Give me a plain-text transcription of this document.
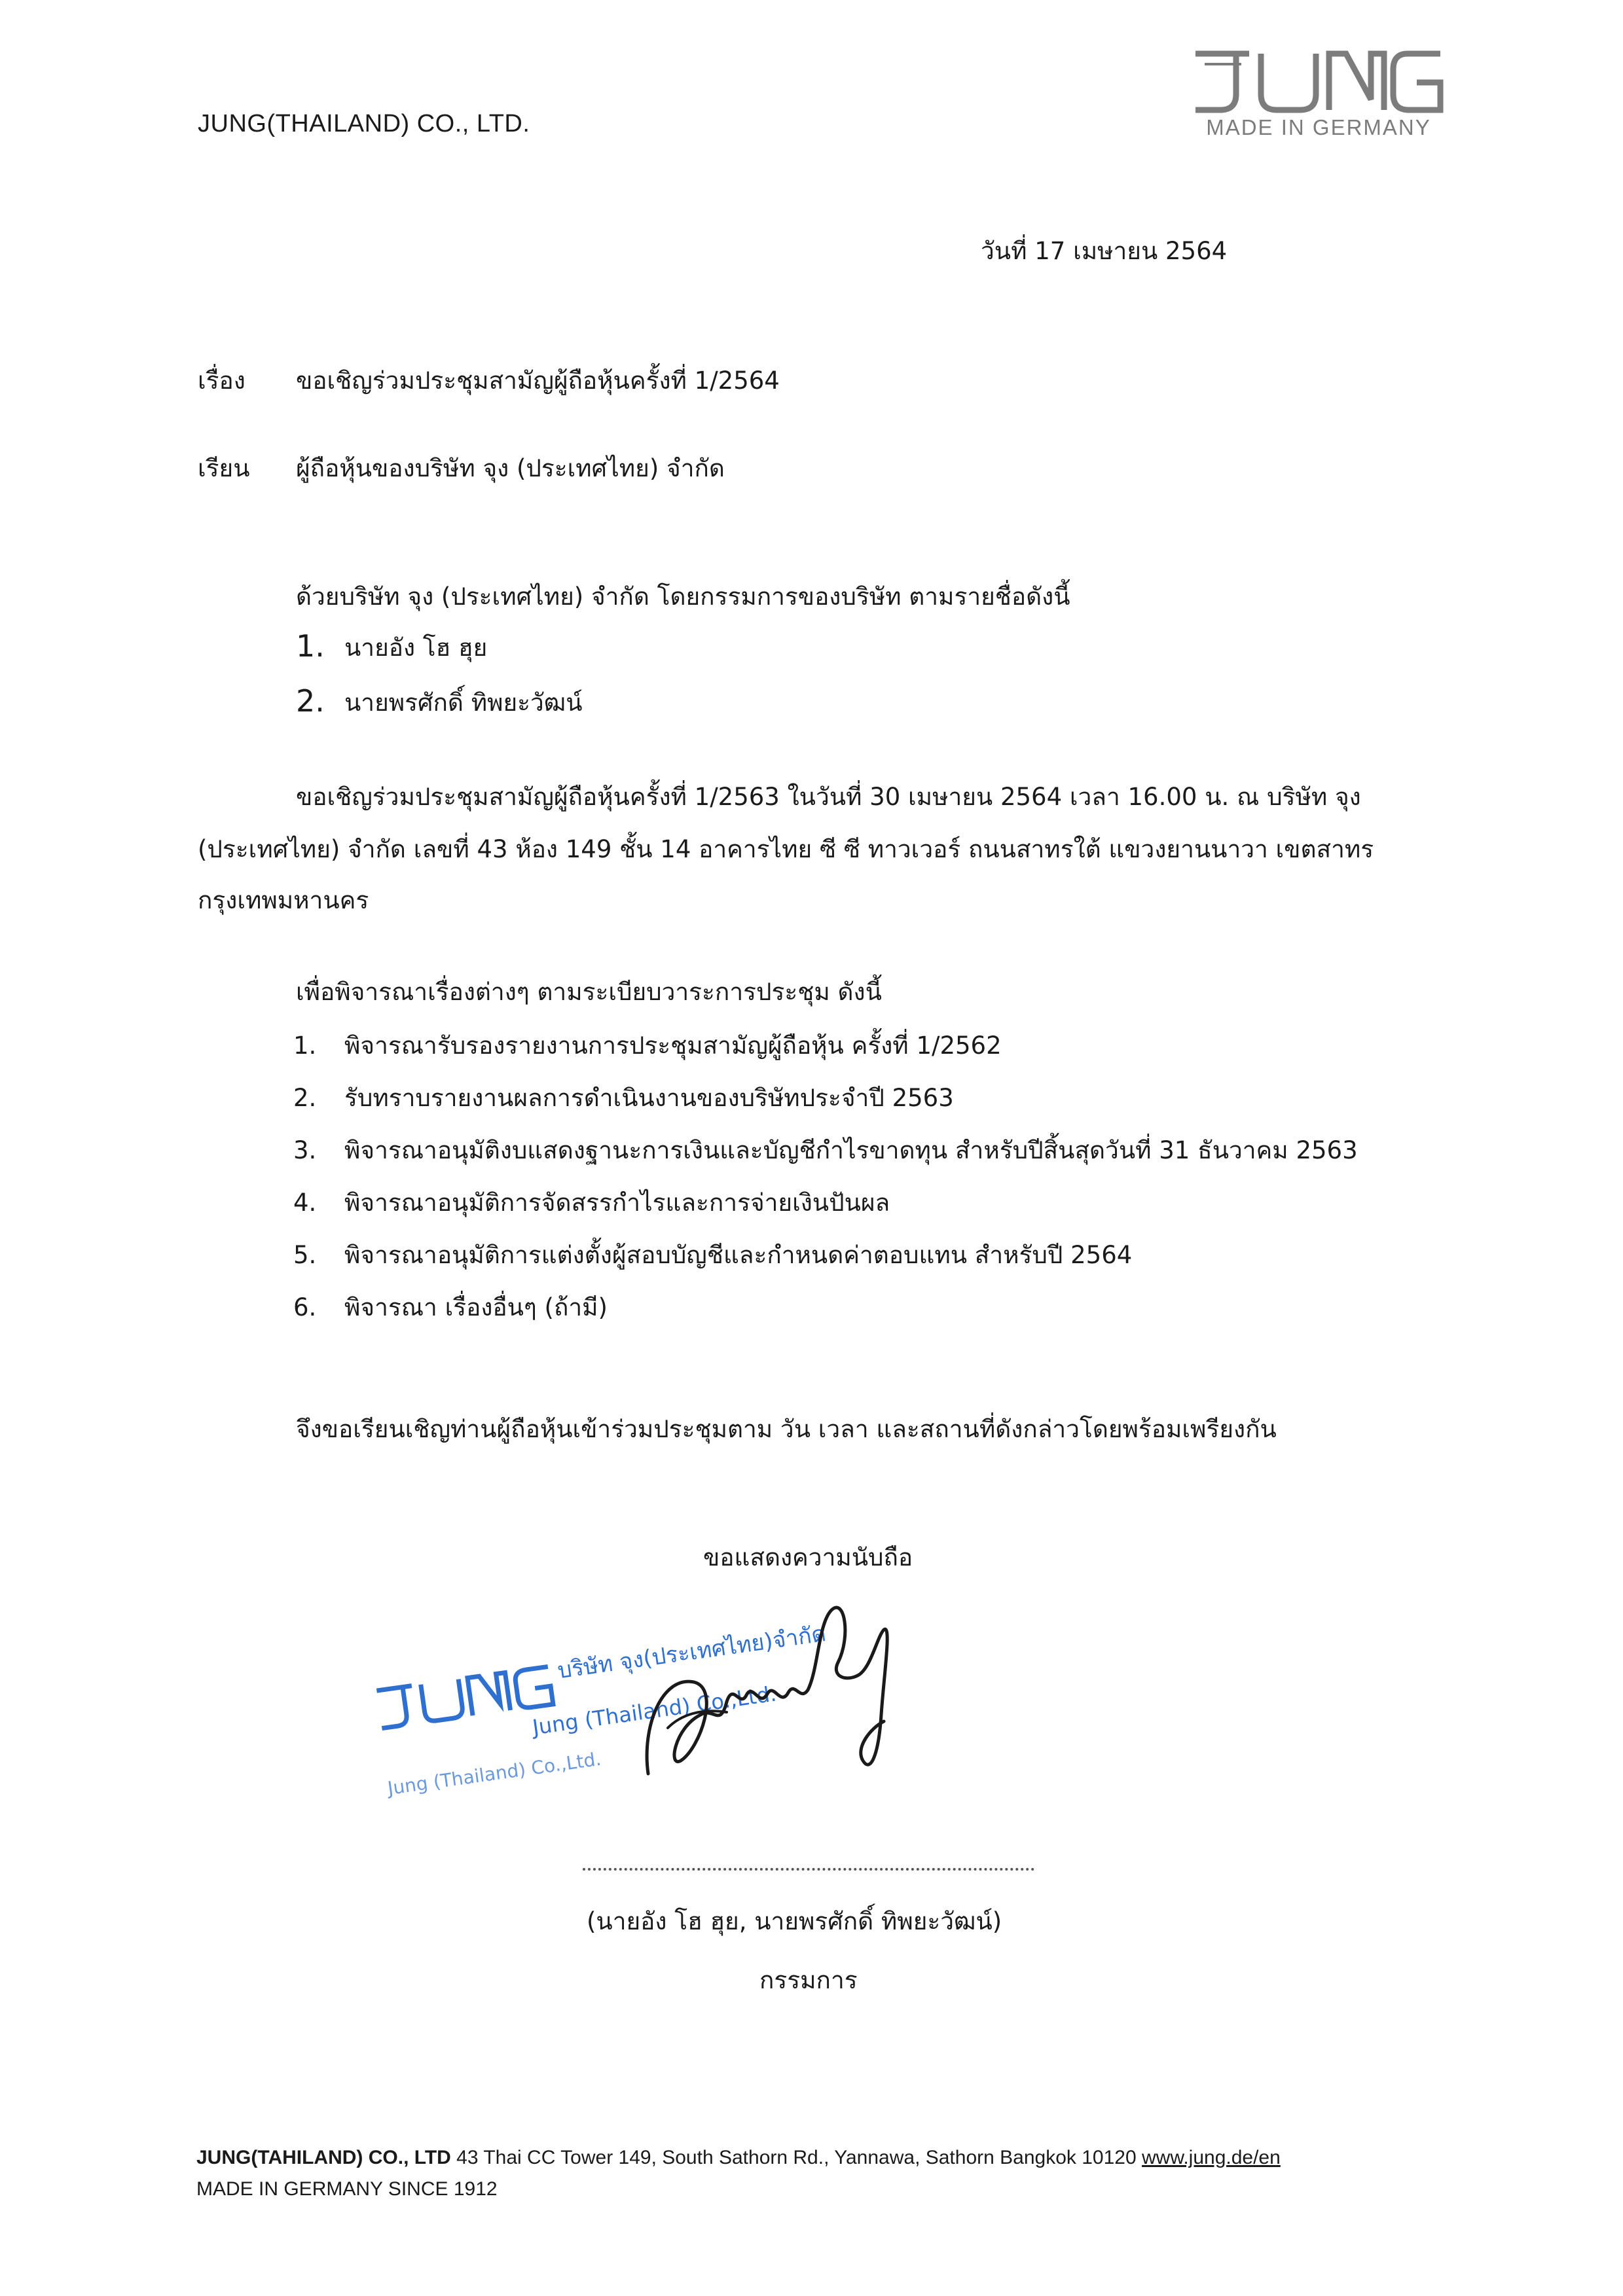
JUNG(THAILAND) CO., LTD.	MADE IN GERMANY
วันที่ 17 เมษายน 2564
เรื่อง ขอเชิญร่วมประชุมสามัญผู้ถือหุ้นครั้งที่ 1/2564
เรียน ผู้ถือหุ้นของบริษัท จุง (ประเทศไทย) จำกัด
ด้วยบริษัท จุง (ประเทศไทย) จำกัด โดยกรรมการของบริษัท ตามรายชื่อดังนี้
1. นายอัง โฮ ฮุย
2. นายพรศักดิ์ ทิพยะวัฒน์
ขอเชิญร่วมประชุมสามัญผู้ถือหุ้นครั้งที่ 1/2563 ในวันที่ 30 เมษายน 2564 เวลา 16.00 น. ณ บริษัท จุง
(ประเทศไทย) จำกัด เลขที่ 43 ห้อง 149 ชั้น 14 อาคารไทย ซี ซี ทาวเวอร์ ถนนสาทรใต้ แขวงยานนาวา เขตสาทร
กรุงเทพมหานคร
เพื่อพิจารณาเรื่องต่างๆ ตามระเบียบวาระการประชุม ดังนี้
1.	พิจารณารับรองรายงานการประชุมสามัญผู้ถือหุ้น ครั้งที่ 1/2562
2.	รับทราบรายงานผลการดำเนินงานของบริษัทประจำปี 2563
3.	พิจารณาอนุมัติงบแสดงฐานะการเงินและบัญชีกำไรขาดทุน สำหรับปีสิ้นสุดวันที่ 31 ธันวาคม 2563
4.	พิจารณาอนุมัติการจัดสรรกำไรและการจ่ายเงินปันผล
5.	พิจารณาอนุมัติการแต่งตั้งผู้สอบบัญชีและกำหนดค่าตอบแทน สำหรับปี 2564
6.	พิจารณา เรื่องอื่นๆ (ถ้ามี)
จึงขอเรียนเชิญท่านผู้ถือหุ้นเข้าร่วมประชุมตาม วัน เวลา และสถานที่ดังกล่าวโดยพร้อมเพรียงกัน
ขอแสดงความนับถือ
บริษัท จุง(ประเทศไทย)จำกัด
Jung (Thailand) Co.,Ltd.
Jung (Thailand) Co.,Ltd.
(นายอัง โฮ ฮุย, นายพรศักดิ์ ทิพยะวัฒน์)
กรรมการ
JUNG(TAHILAND) CO., LTD 43 Thai CC Tower 149, South Sathorn Rd., Yannawa, Sathorn Bangkok 10120 www.jung.de/en
MADE IN GERMANY SINCE 1912
